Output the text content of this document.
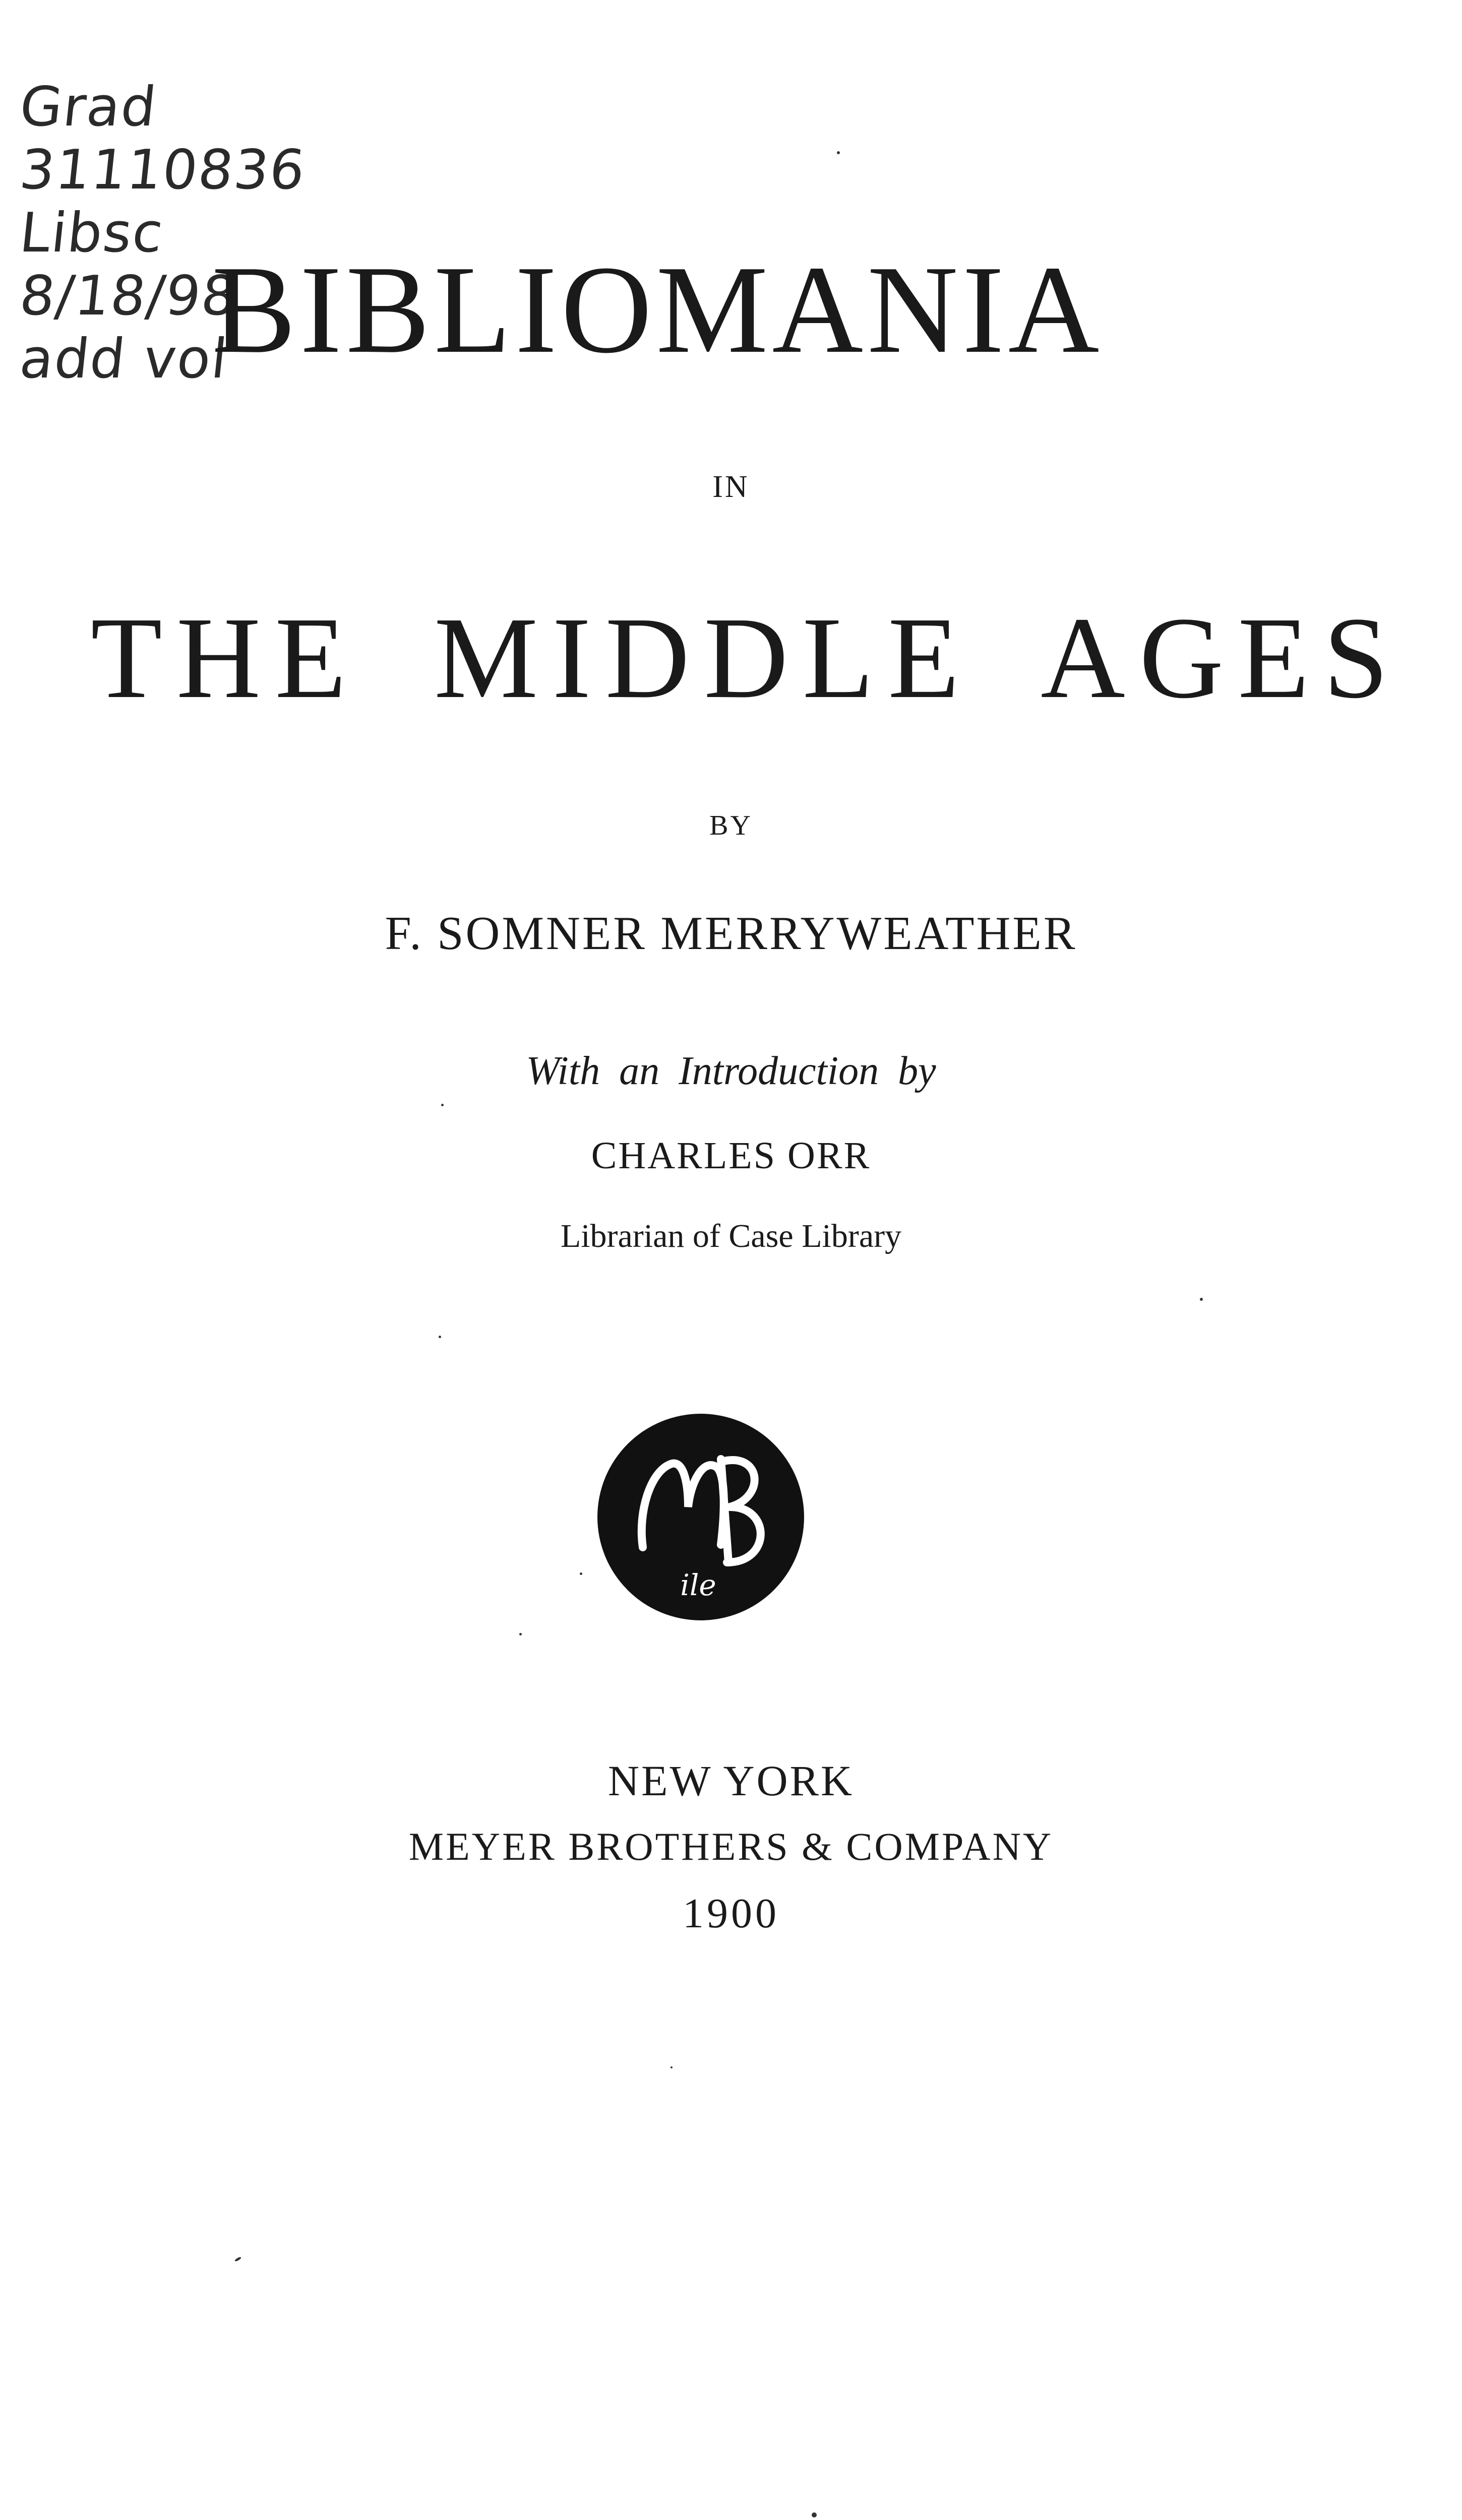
Grad
31110836
Libsc
8/18/98
add vol
BIBLIOMANIA
IN
THE MIDDLE AGES
BY
F. SOMNER MERRYWEATHER
With an Introduction by
CHARLES ORR
Librarian of Case Library
ile
NEW YORK
MEYER BROTHERS & COMPANY
1900
